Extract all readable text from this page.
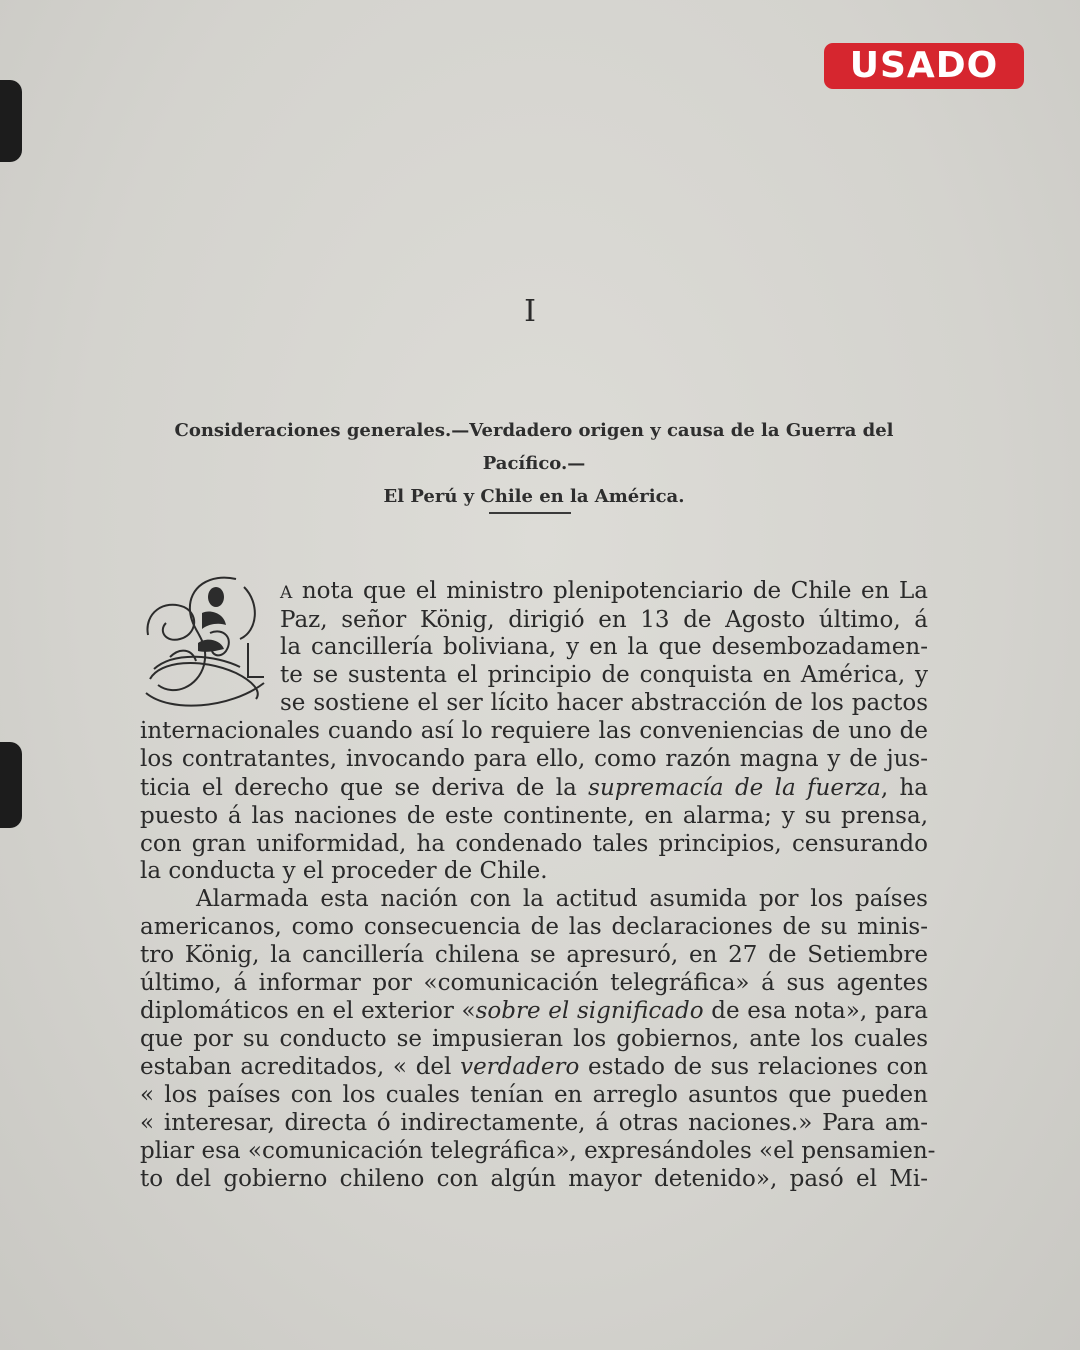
USADO
I
Consideraciones generales.—Verdadero origen y causa de la Guerra del Pacífico.—
El Perú y Chile en la América.
L
A nota que el ministro plenipotenciario de Chile en La
Paz, señor König, dirigió en 13 de Agosto último, á
la cancillería boliviana, y en la que desembozadamen-
te se sustenta el principio de conquista en América, y
se sostiene el ser lícito hacer abstracción de los pactos
internacionales cuando así lo requiere las conveniencias de uno de
los contratantes, invocando para ello, como razón magna y de jus-
ticia el derecho que se deriva de la supremacía de la fuerza, ha
puesto á las naciones de este continente, en alarma; y su prensa,
con gran uniformidad, ha condenado tales principios, censurando
la conducta y el proceder de Chile.
Alarmada esta nación con la actitud asumida por los países
americanos, como consecuencia de las declaraciones de su minis-
tro König, la cancillería chilena se apresuró, en 27 de Setiembre
último, á informar por «comunicación telegráfica» á sus agentes
diplomáticos en el exterior «sobre el significado de esa nota», para
que por su conducto se impusieran los gobiernos, ante los cuales
estaban acreditados, « del verdadero estado de sus relaciones con
« los países con los cuales tenían en arreglo asuntos que pueden
« interesar, directa ó indirectamente, á otras naciones.» Para am-
pliar esa «comunicación telegráfica», expresándoles «el pensamien-
to del gobierno chileno con algún mayor detenido», pasó el Mi-
